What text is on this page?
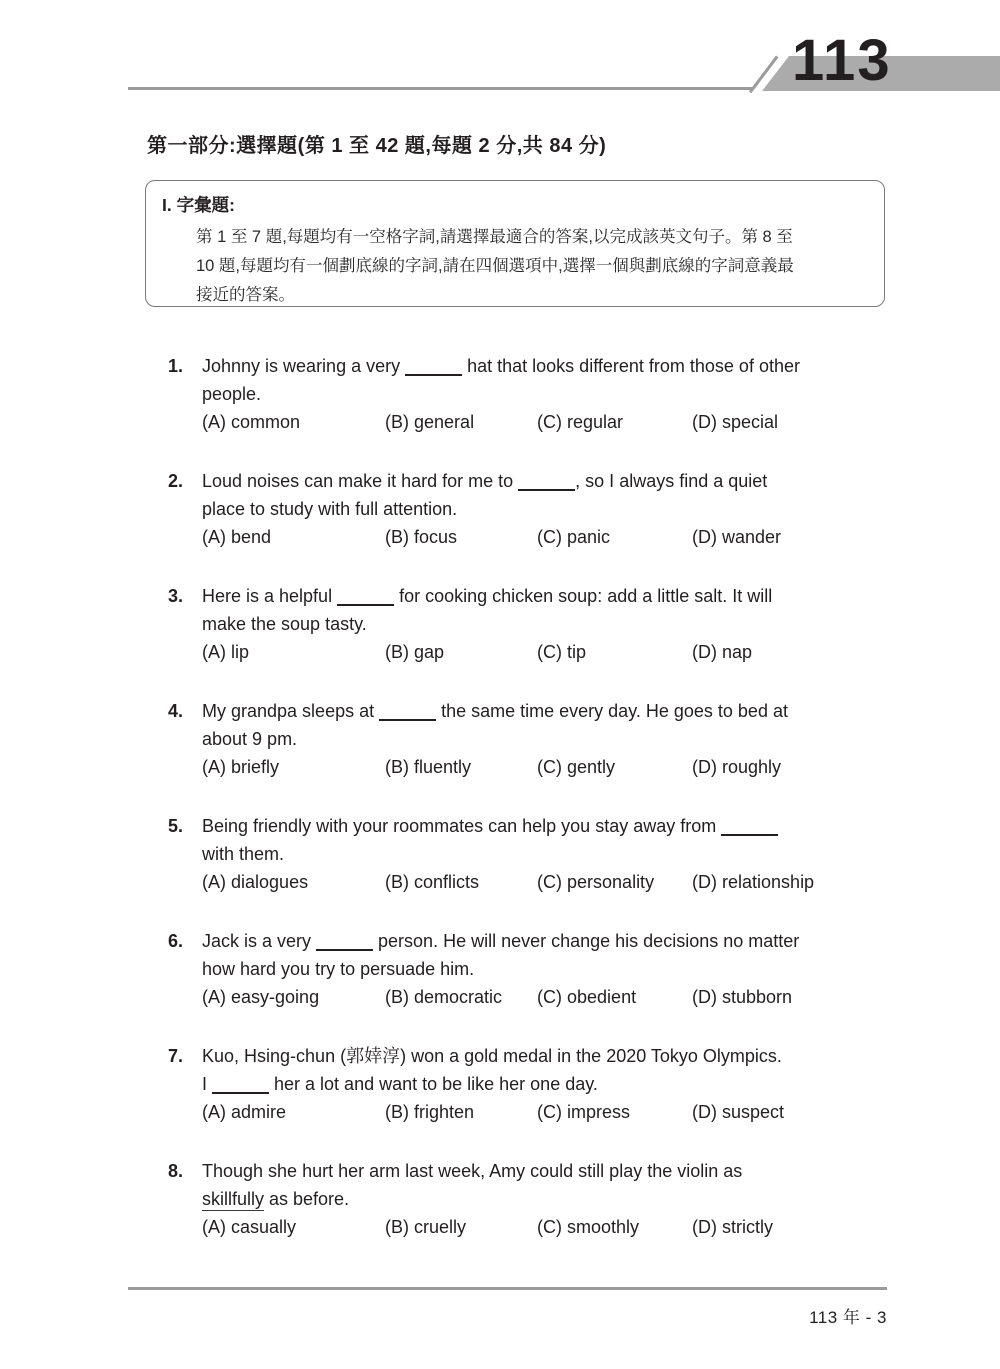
113
第一部分:選擇題(第 1 至 42 題,每題 2 分,共 84 分)
I. 字彙題:
第 1 至 7 題,每題均有一空格字詞,請選擇最適合的答案,以完成該英文句子。第 8 至
10 題,每題均有一個劃底線的字詞,請在四個選項中,選擇一個與劃底線的字詞意義最
接近的答案。
1.	Johnny is wearing a very	hat that looks different from those of other
people.
(A) common	(B) general	(C) regular	(D) special
2.	Loud noises can make it hard for me to	, so I always find a quiet
place to study with full attention.
(A) bend	(B) focus	(C) panic	(D) wander
3.	Here is a helpful	for cooking chicken soup: add a little salt. It will
make the soup tasty.
(A) lip	(B) gap	(C) tip	(D) nap
4.	My grandpa sleeps at	the same time every day. He goes to bed at
about 9 pm.
(A) briefly	(B) fluently	(C) gently	(D) roughly
5.	Being friendly with your roommates can help you stay away from
with them.
(A) dialogues	(B) conflicts	(C) personality	(D) relationship
6.	Jack is a very	person. He will never change his decisions no matter
how hard you try to persuade him.
(A) easy-going	(B) democratic	(C) obedient	(D) stubborn
7.	Kuo, Hsing-chun (郭婞淳) won a gold medal in the 2020 Tokyo Olympics.
I	her a lot and want to be like her one day.
(A) admire	(B) frighten	(C) impress	(D) suspect
8.	Though she hurt her arm last week, Amy could still play the violin as
skillfully as before.
(A) casually	(B) cruelly	(C) smoothly	(D) strictly
113 年 - 3
